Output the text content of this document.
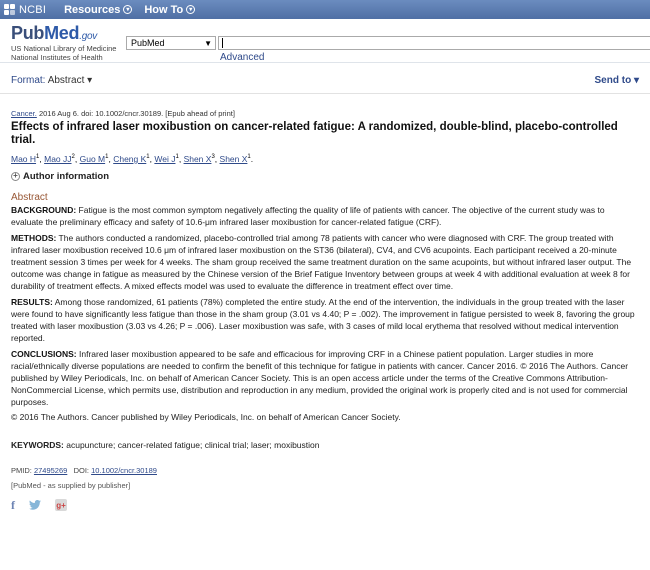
NCBI Resources ▾ How To ▾
PubMed.gov
US National Library of Medicine
National Institutes of Health
PubMed	▼
Advanced
Format: Abstract ▾	Send to ▾
Cancer. 2016 Aug 6. doi: 10.1002/cncr.30189. [Epub ahead of print]
Effects of infrared laser moxibustion on cancer-related fatigue: A randomized, double-blind, placebo-controlled trial.
Mao $H^1$, Mao $JJ^2$, Guo $M^1$, Cheng $K^1$, Wei $J^1$, Shen $X^3$, Shen $X^1$.
+ Author information
Abstract

BACKGROUND: Fatigue is the most common symptom negatively affecting the quality of life of patients with cancer. The objective of the current study was to evaluate the preliminary efficacy and safety of 10.6-μm infrared laser moxibustion for cancer-related fatigue (CRF).

METHODS: The authors conducted a randomized, placebo-controlled trial among 78 patients with cancer who were diagnosed with CRF. The group treated with infrared laser moxibustion received 10.6 μm of infrared laser moxibustion on the ST36 (bilateral), CV4, and CV6 acupoints. Each participant received a 20-minute treatment session 3 times per week for 4 weeks. The sham group received the same treatment duration on the same acupoints, but without infrared laser output. The outcome was change in fatigue as measured by the Chinese version of the Brief Fatigue Inventory between groups at week 4 with additional evaluation at week 8 for durability of treatment effects. A mixed effects model was used to evaluate the difference in treatment effect over time.

RESULTS: Among those randomized, 61 patients (78%) completed the entire study. At the end of the intervention, the individuals in the group treated with the laser were found to have significantly less fatigue than those in the sham group (3.01 vs 4.40; P = .002). The improvement in fatigue persisted to week 8, favoring the group treated with laser moxibustion (3.03 vs 4.26; P = .006). Laser moxibustion was safe, with 3 cases of mild local erythema that resolved without medical intervention reported.

CONCLUSIONS: Infrared laser moxibustion appeared to be safe and efficacious for improving CRF in a Chinese patient population. Larger studies in more racial/ethnically diverse populations are needed to confirm the benefit of this technique for fatigue in patients with cancer. Cancer 2016. © 2016 The Authors. Cancer published by Wiley Periodicals, Inc. on behalf of American Cancer Society. This is an open access article under the terms of the Creative Commons Attribution-NonCommercial License, which permits use, distribution and reproduction in any medium, provided the original work is properly cited and is not used for commercial purposes.

© 2016 The Authors. Cancer published by Wiley Periodicals, Inc. on behalf of American Cancer Society.

KEYWORDS: acupuncture; cancer-related fatigue; clinical trial; laser; moxibustion
PMID: 27495269 DOI: 10.1002/cncr.30189
[PubMed - as supplied by publisher]
f	g+
